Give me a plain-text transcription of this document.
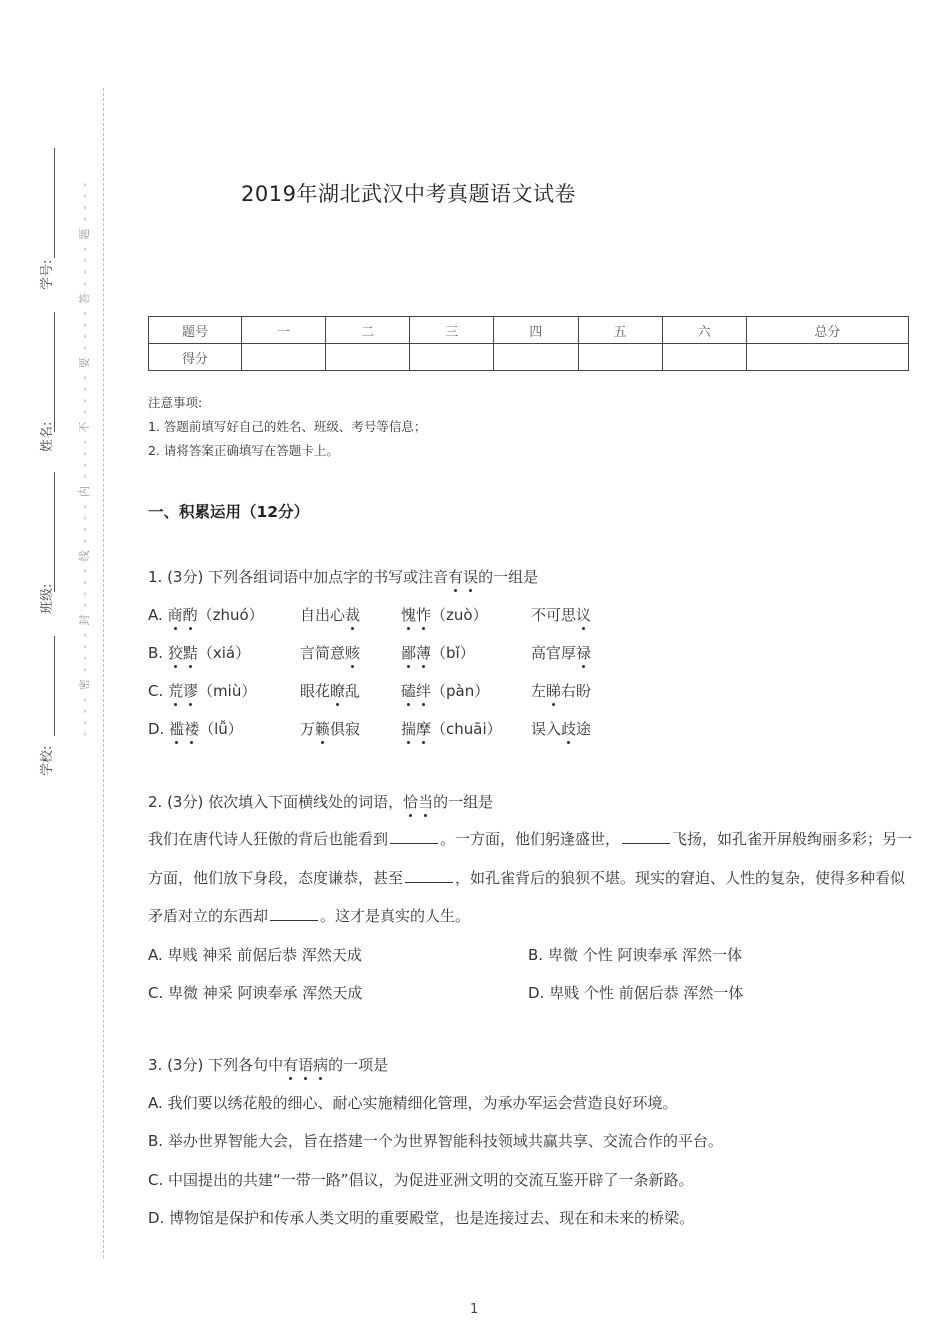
学号:
姓名:
班级:
学校:
- - - - 密 - - - - 封 - - - - 线 - - - - 内 - - - - 不 - - - - 要 - - - - 答 - - - - 题 - - - -	2019年湖北武汉中考真题语文试卷
题号	一	二	三	四	五	六	总分
得分							
注意事项:
1. 答题前填写好自己的姓名、班级、考号等信息；
2. 请将答案正确填写在答题卡上。
一、积累运用（12分）
1. (3分) 下列各组词语中加点字的书写或注音有误的一组是
A. 商酌（zhuó） 自出心裁	愧怍（zuò）	不可思议
B. 狡黠（xiá）	言简意赅	鄙薄（bǐ）	高官厚禄
C. 荒谬（miù）	眼花瞭乱	磕绊（pàn）	左睇右盼
D. 褴褛（lǚ）	万籁俱寂	揣摩（chuāi） 误入歧途
2. (3分) 依次填入下面横线处的词语，恰当的一组是
我们在唐代诗人狂傲的背后也能看到	。一方面，他们躬逢盛世，	飞扬，如孔雀开屏般绚丽多彩；另一方面，他们放下身段，态度谦恭，甚至	，如孔雀背后的狼狈不堪。现实的窘迫、人性的复杂，使得多种看似矛盾对立的东西却	。这才是真实的人生。
A. 卑贱 神采 前倨后恭 浑然天成	B. 卑微 个性 阿谀奉承 浑然一体
C. 卑微 神采 阿谀奉承 浑然天成	D. 卑贱 个性 前倨后恭 浑然一体
3. (3分) 下列各句中有语病的一项是
A. 我们要以绣花般的细心、耐心实施精细化管理，为承办军运会营造良好环境。
B. 举办世界智能大会，旨在搭建一个为世界智能科技领域共赢共享、交流合作的平台。
C. 中国提出的共建“一带一路”倡议，为促进亚洲文明的交流互鉴开辟了一条新路。
D. 博物馆是保护和传承人类文明的重要殿堂，也是连接过去、现在和未来的桥梁。
1
